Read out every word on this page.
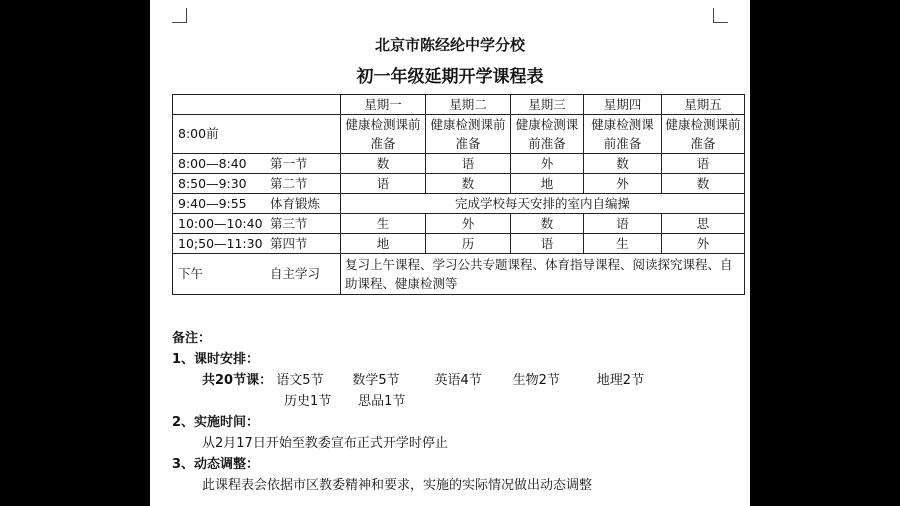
北京市陈经纶中学分校
初一年级延期开学课程表
	星期一	星期二	星期三	星期四	星期五
8:00前	健康检测课前准备	健康检测课前准备	健康检测课前准备	健康检测课前准备	健康检测课前准备
8:00—8:40 第一节	数	语	外	数	语
8:50—9:30 第二节	语	数	地	外	数
9:40—9:55 体育锻炼	完成学校每天安排的室内自编操				
10:00—10:40 第三节	生	外	数	语	思
10;50—11:30 第四节	地	历	语	生	外
下午 自主学习	复习上午课程、学习公共专题课程、体育指导课程、阅读探究课程、自助课程、健康检测等				
备注：
1、课时安排：
共20节课： 语文5节 数学5节	英语4节 生物2节	地理2节
历史1节 思品1节
2、实施时间：
从2月17日开始至教委宣布正式开学时停止
3、动态调整：
此课程表会依据市区教委精神和要求，实施的实际情况做出动态调整
